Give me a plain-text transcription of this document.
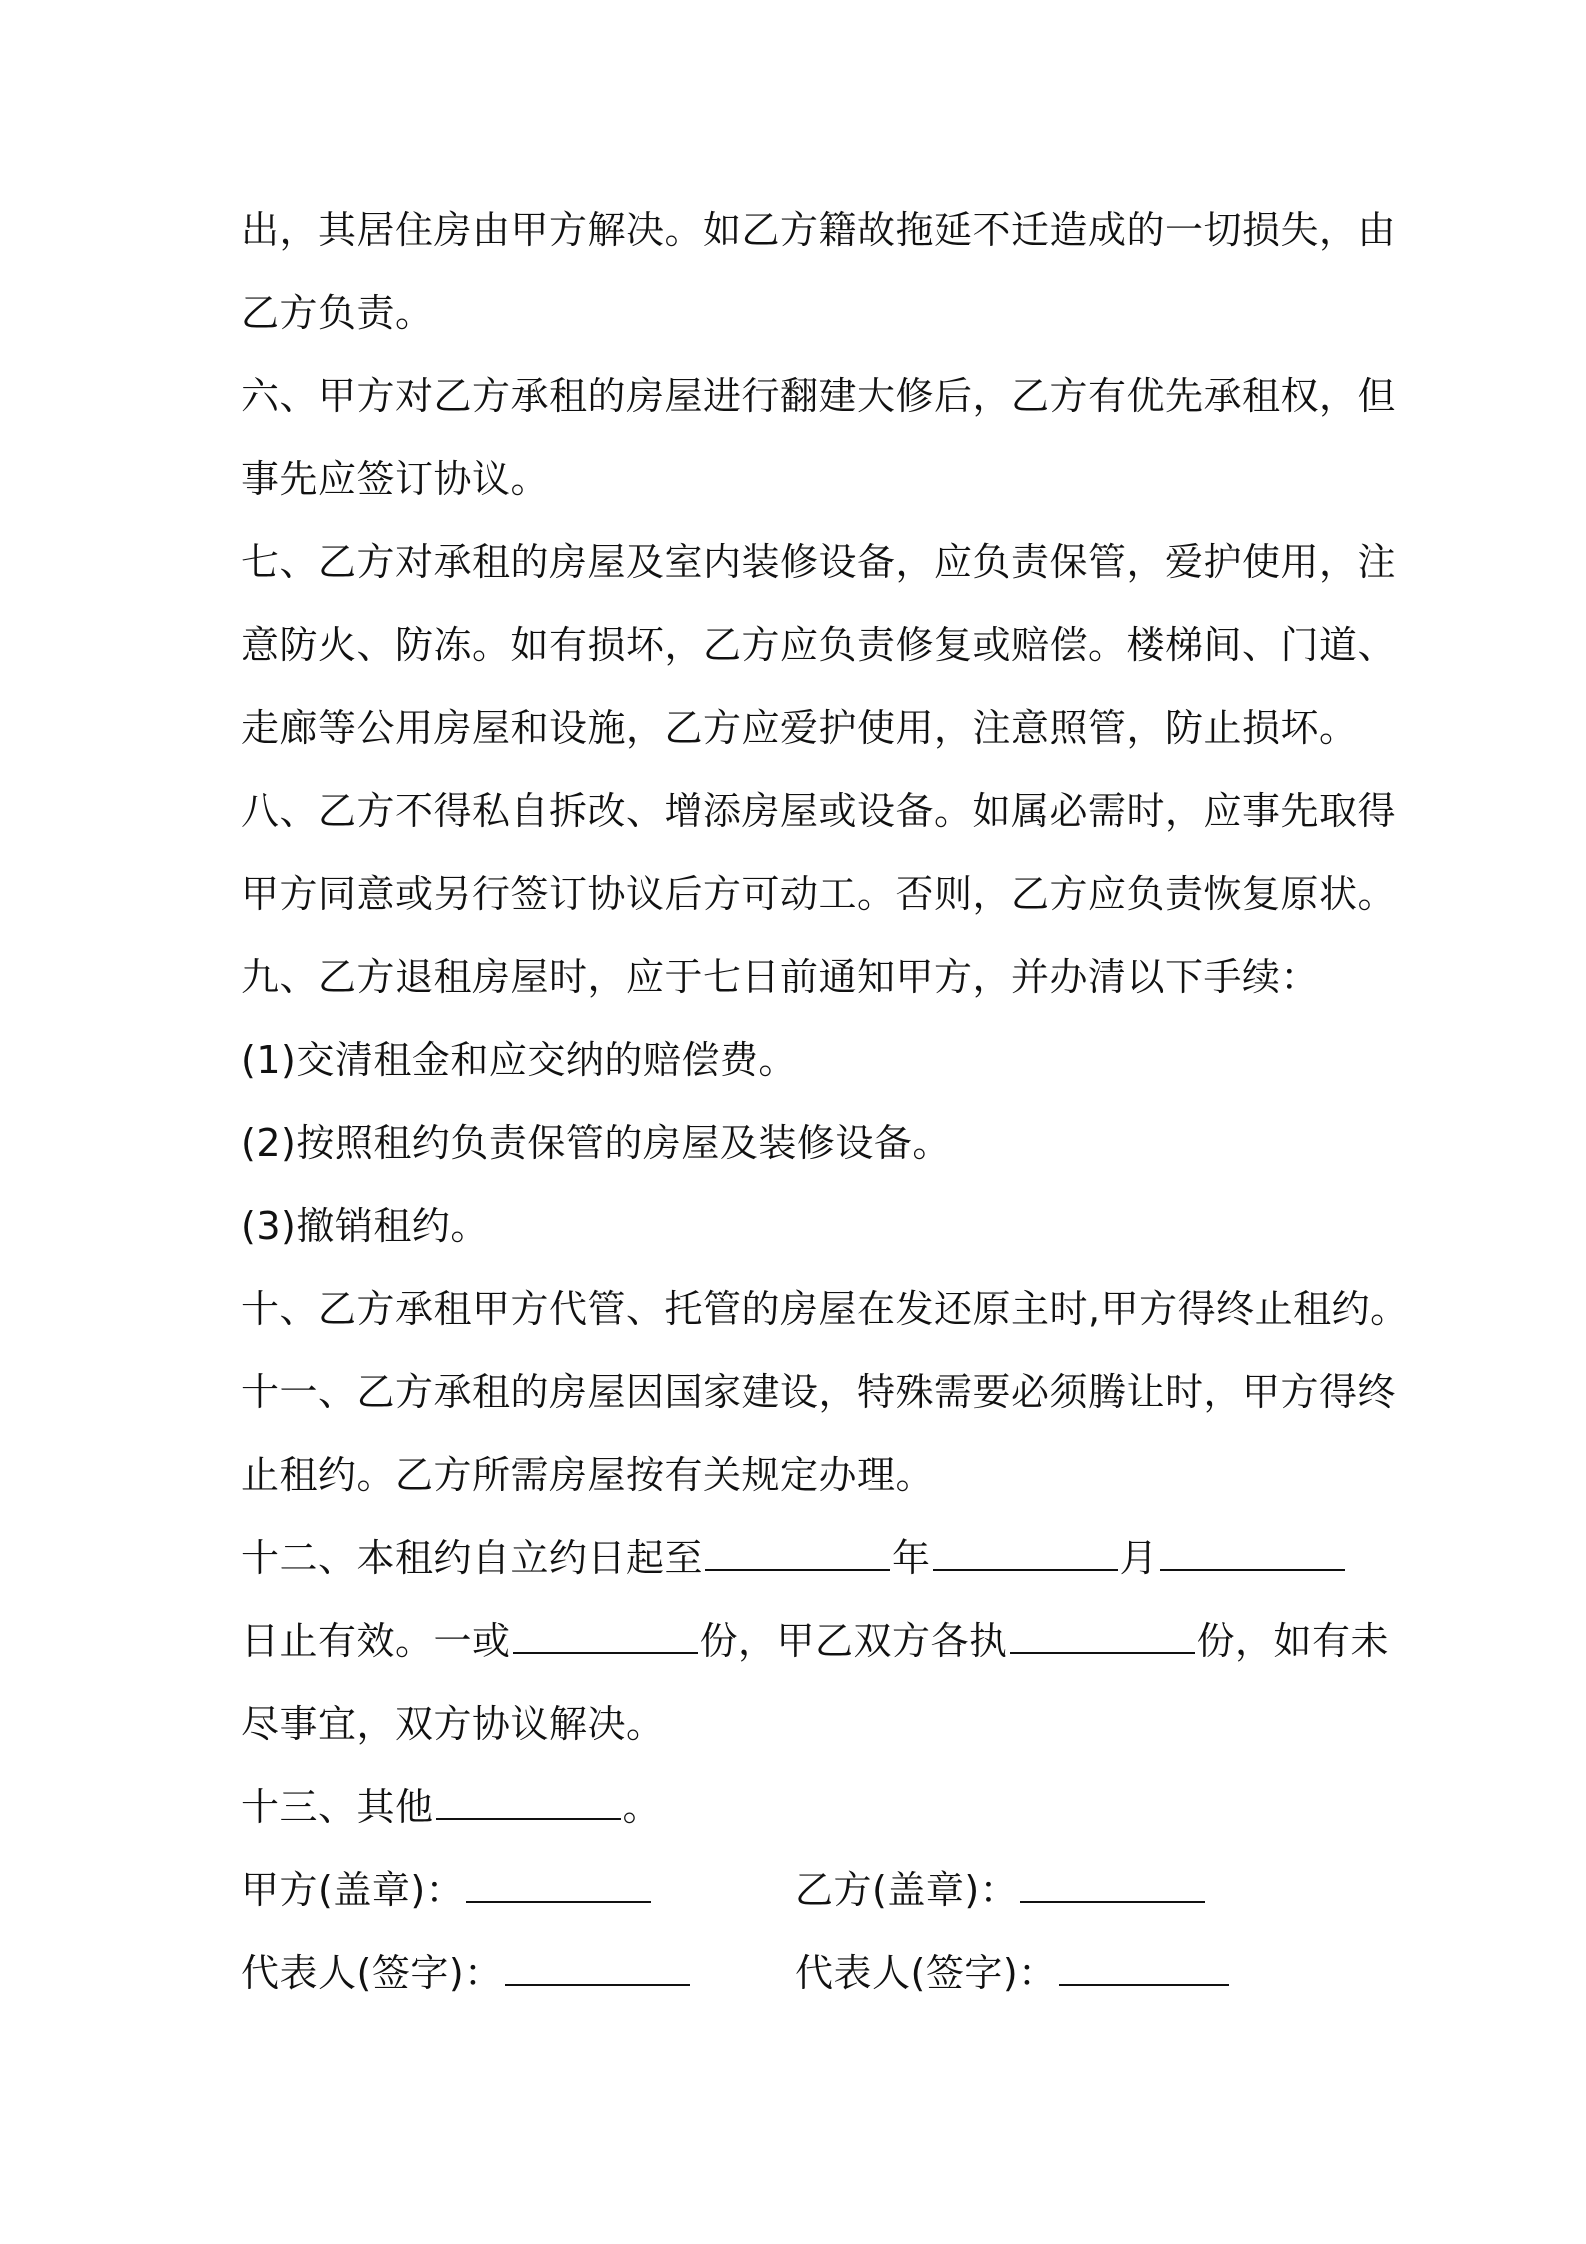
出，其居住房由甲方解决。如乙方籍故拖延不迁造成的一切损失，由
乙方负责。
六、甲方对乙方承租的房屋进行翻建大修后，乙方有优先承租权，但
事先应签订协议。
七、乙方对承租的房屋及室内装修设备，应负责保管，爱护使用，注
意防火、防冻。如有损坏，乙方应负责修复或赔偿。楼梯间、门道、
走廊等公用房屋和设施，乙方应爱护使用，注意照管，防止损坏。
八、乙方不得私自拆改、增添房屋或设备。如属必需时，应事先取得
甲方同意或另行签订协议后方可动工。否则，乙方应负责恢复原状。
九、乙方退租房屋时，应于七日前通知甲方，并办清以下手续：
(1)交清租金和应交纳的赔偿费。
(2)按照租约负责保管的房屋及装修设备。
(3)撤销租约。
十、乙方承租甲方代管、托管的房屋在发还原主时,甲方得终止租约。
十一、乙方承租的房屋因国家建设，特殊需要必须腾让时，甲方得终
止租约。乙方所需房屋按有关规定办理。
十二、本租约自立约日起至	年	月
日止有效。一或	份，甲乙双方各执	份，如有未
尽事宜，双方协议解决。
十三、其他	。
甲方(盖章)：	乙方(盖章)：
代表人(签字)：	代表人(签字)：
